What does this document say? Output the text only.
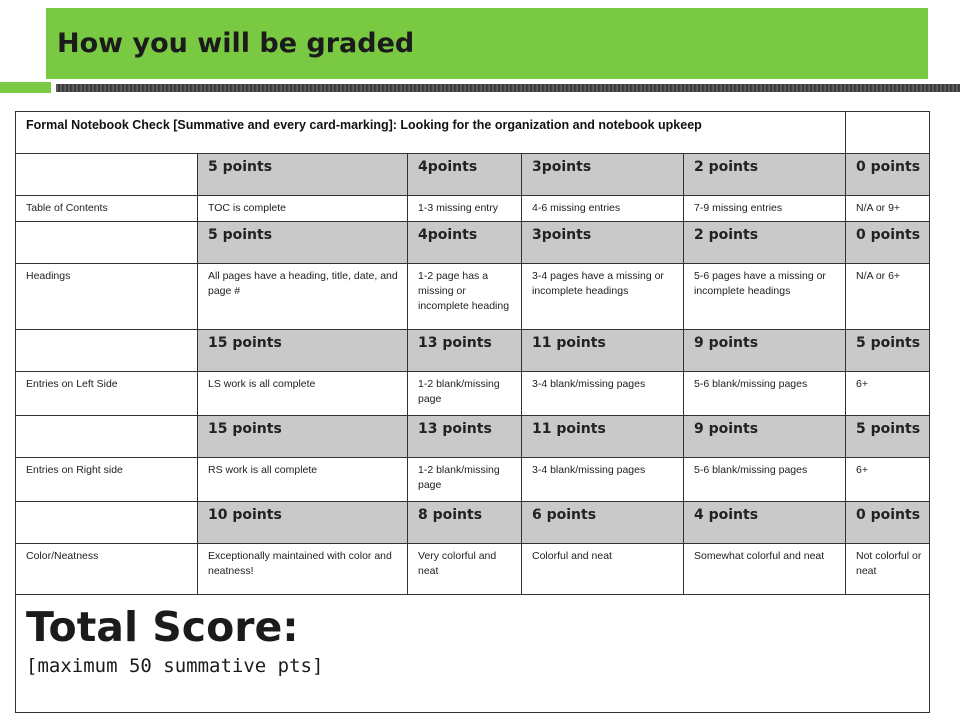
How you will be graded
Formal Notebook Check [Summative and every card-marking]: Looking for the organization and notebook upkeep					
	5 points	4points	3points	2 points	0 points
Table of Contents	TOC is complete	1-3 missing entry	4-6 missing entries	7-9 missing entries	N/A or 9+
	5 points	4points	3points	2 points	0 points
Headings	All pages have a heading, title, date, and page #	1-2 page has a missing or incomplete heading	3-4 pages have a missing or incomplete headings	5-6 pages have a missing or incomplete headings	N/A or 6+
	15 points	13 points	11 points	9 points	5 points
Entries on Left Side	LS work is all complete	1-2 blank/missing page	3-4 blank/missing pages	5-6 blank/missing pages	6+
	15 points	13 points	11 points	9 points	5 points
Entries on Right side	RS work is all complete	1-2 blank/missing page	3-4 blank/missing pages	5-6 blank/missing pages	6+
	10 points	8 points	6 points	4 points	0 points
Color/Neatness	Exceptionally maintained with color and neatness!	Very colorful and neat	Colorful and neat	Somewhat colorful and neat	Not colorful or neat

Total Score:
[maximum 50 summative pts]					
